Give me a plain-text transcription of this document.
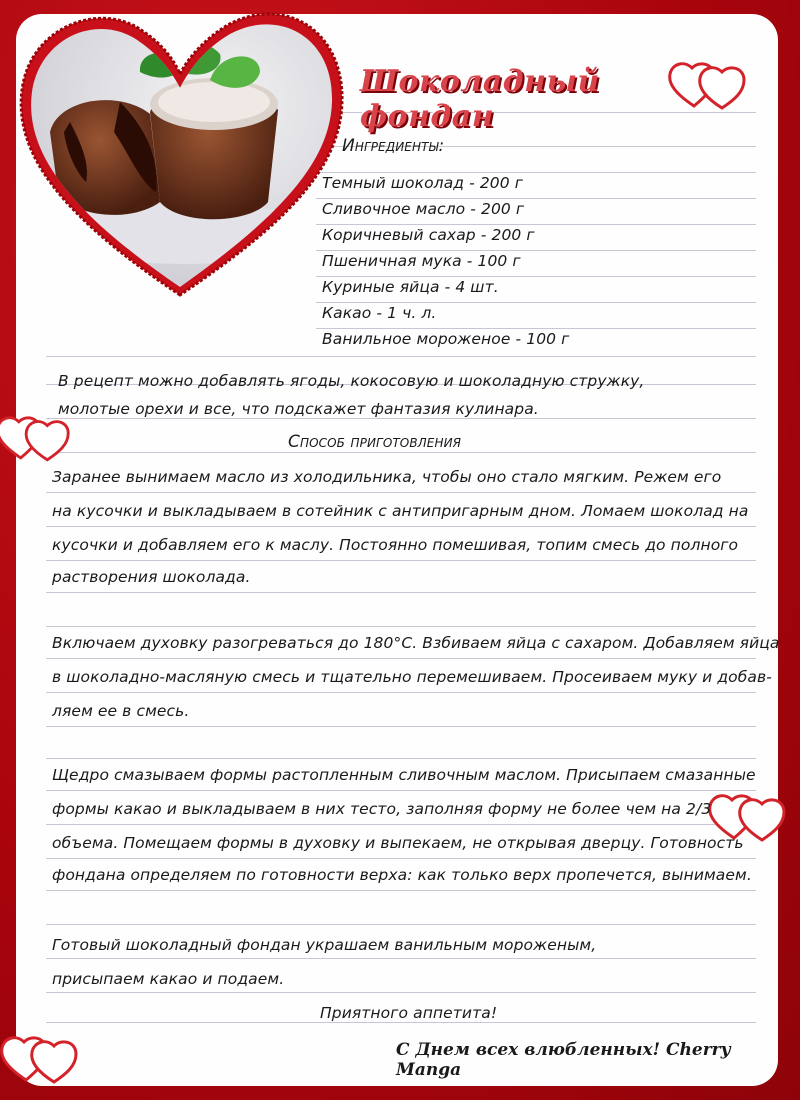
Шоколадный фондан
Ингредиенты:
Темный шоколад - 200 г
Сливочное масло - 200 г
Коричневый сахар - 200 г
Пшеничная мука - 100 г
Куриные яйца - 4 шт.
Какао - 1 ч. л.
Ванильное мороженое - 100 г
В рецепт можно добавлять ягоды, кокосовую и шоколадную стружку,
молотые орехи и все, что подскажет фантазия кулинара.
Способ приготовления
Заранее вынимаем масло из холодильника, чтобы оно стало мягким. Режем его
на кусочки и выкладываем в сотейник с антипригарным дном. Ломаем шоколад на
кусочки и добавляем его к маслу. Постоянно помешивая, топим смесь до полного
растворения шоколада.
Включаем духовку разогреваться до 180°С. Взбиваем яйца с сахаром. Добавляем яйца
в шоколадно-масляную смесь и тщательно перемешиваем. Просеиваем муку и добав-
ляем ее в смесь.
Щедро смазываем формы растопленным сливочным маслом. Присыпаем смазанные
формы какао и выкладываем в них тесто, заполняя форму не более чем на 2/3
объема. Помещаем формы в духовку и выпекаем, не открывая дверцу. Готовность
фондана определяем по готовности верха: как только верх пропечется, вынимаем.
Готовый шоколадный фондан украшаем ванильным мороженым,
присыпаем какао и подаем.
Приятного аппетита!
С Днем всех влюбленных! Cherry Manga
